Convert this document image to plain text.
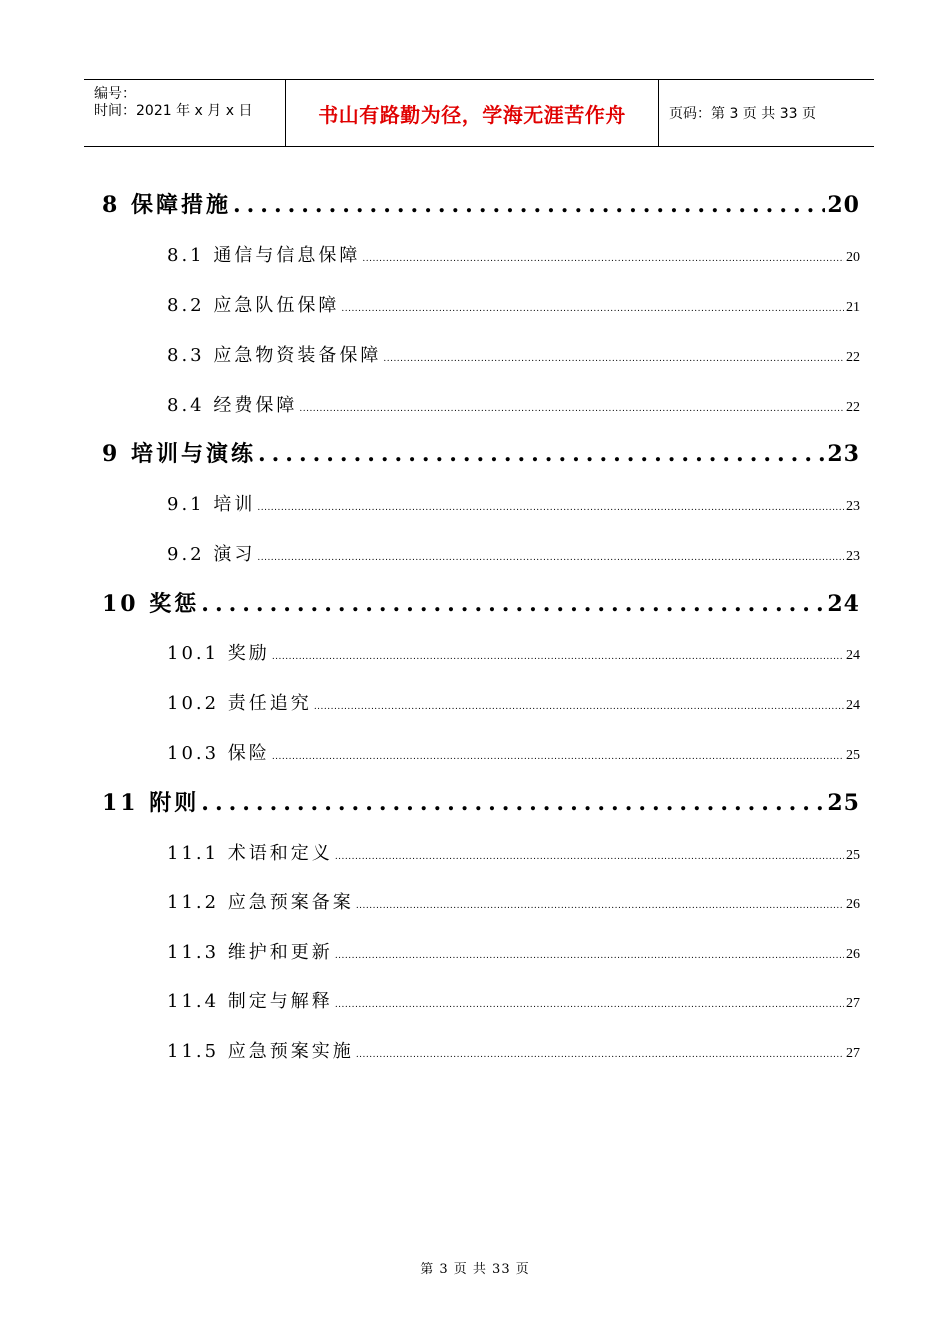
编号：
时间：2021 年 x 月 x 日	书山有路勤为径，学海无涯苦作舟	页码：第 3 页 共 33 页
8 保障措施 .....	20
8.1 通信与信息保障 .....	20
8.2 应急队伍保障 .....	21
8.3 应急物资装备保障 .....	22
8.4 经费保障 .....	22
9 培训与演练 .....	23
9.1 培训 .....	23
9.2 演习 .....	23
10 奖惩 .....	24
10.1 奖励 .....	24
10.2 责任追究 .....	24
10.3 保险 .....	25
11 附则 .....	25
11.1 术语和定义 .....	25
11.2 应急预案备案 .....	26
11.3 维护和更新 .....	26
11.4 制定与解释 .....	27
11.5 应急预案实施 .....	27
第 3 页 共 33 页
